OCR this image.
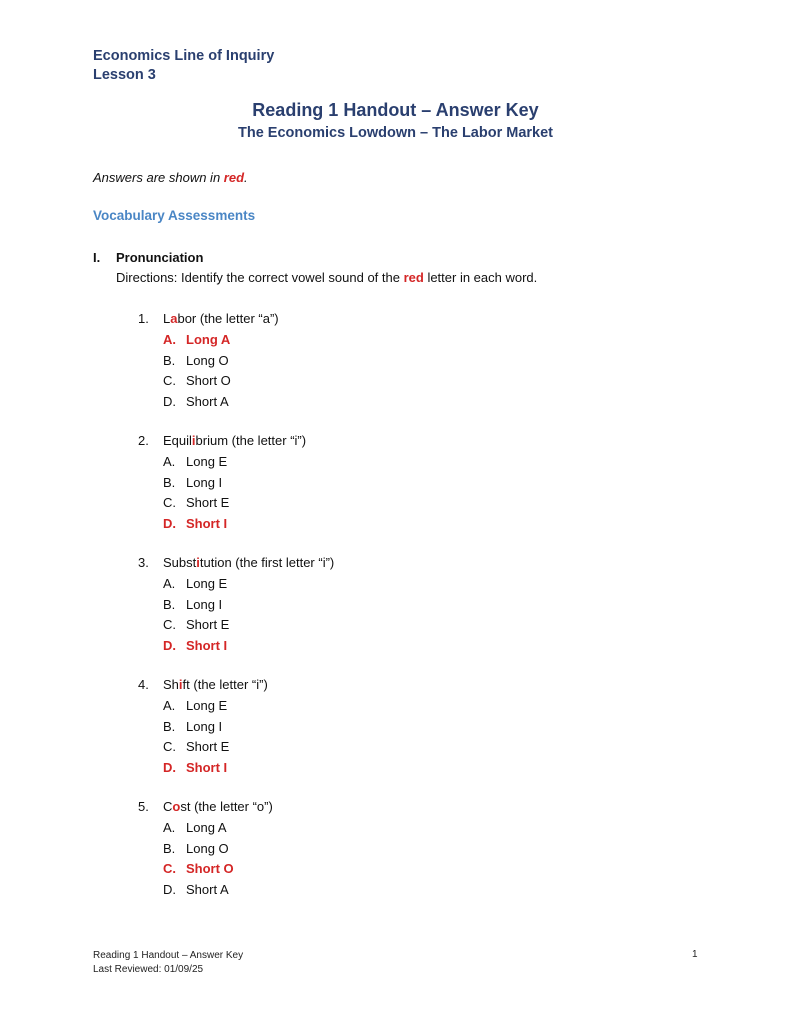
Economics Line of Inquiry
Lesson 3
Reading 1 Handout – Answer Key
The Economics Lowdown – The Labor Market
Answers are shown in red.
Vocabulary Assessments
I. Pronunciation
Directions: Identify the correct vowel sound of the red letter in each word.
1. Labor (the letter “a”)
A. Long A
B. Long O
C. Short O
D. Short A
2. Equilibrium (the letter “i”)
A. Long E
B. Long I
C. Short E
D. Short I
3. Substitution (the first letter “i”)
A. Long E
B. Long I
C. Short E
D. Short I
4. Shift (the letter “i”)
A. Long E
B. Long I
C. Short E
D. Short I
5. Cost (the letter “o”)
A. Long A
B. Long O
C. Short O
D. Short A
Reading 1 Handout – Answer Key
Last Reviewed: 01/09/25
1
